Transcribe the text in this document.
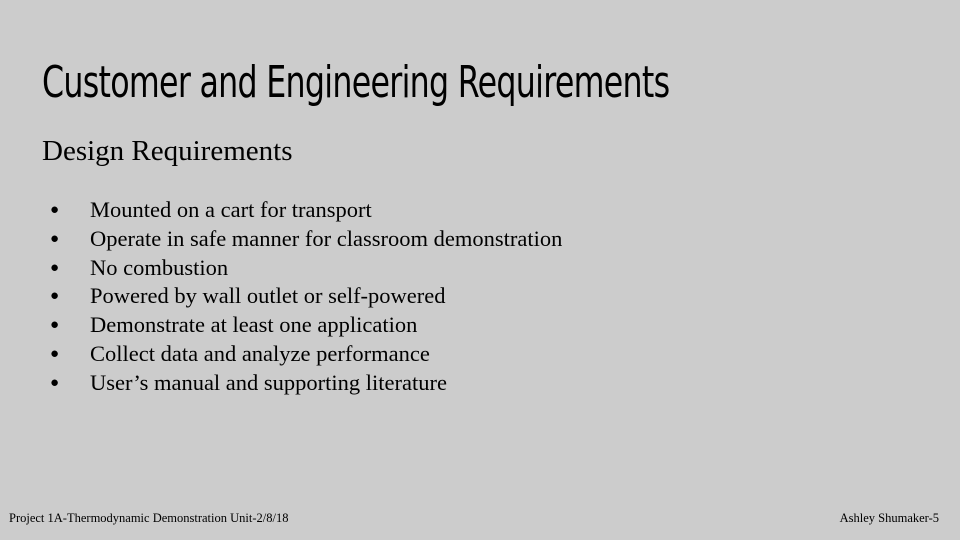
Customer and Engineering Requirements
Design Requirements
●	Mounted on a cart for transport
●	Operate in safe manner for classroom demonstration
●	No combustion
●	Powered by wall outlet or self-powered
●	Demonstrate at least one application
●	Collect data and analyze performance
●	User’s manual and supporting literature
Project 1A-Thermodynamic Demonstration Unit-2/8/18	Ashley Shumaker-5
